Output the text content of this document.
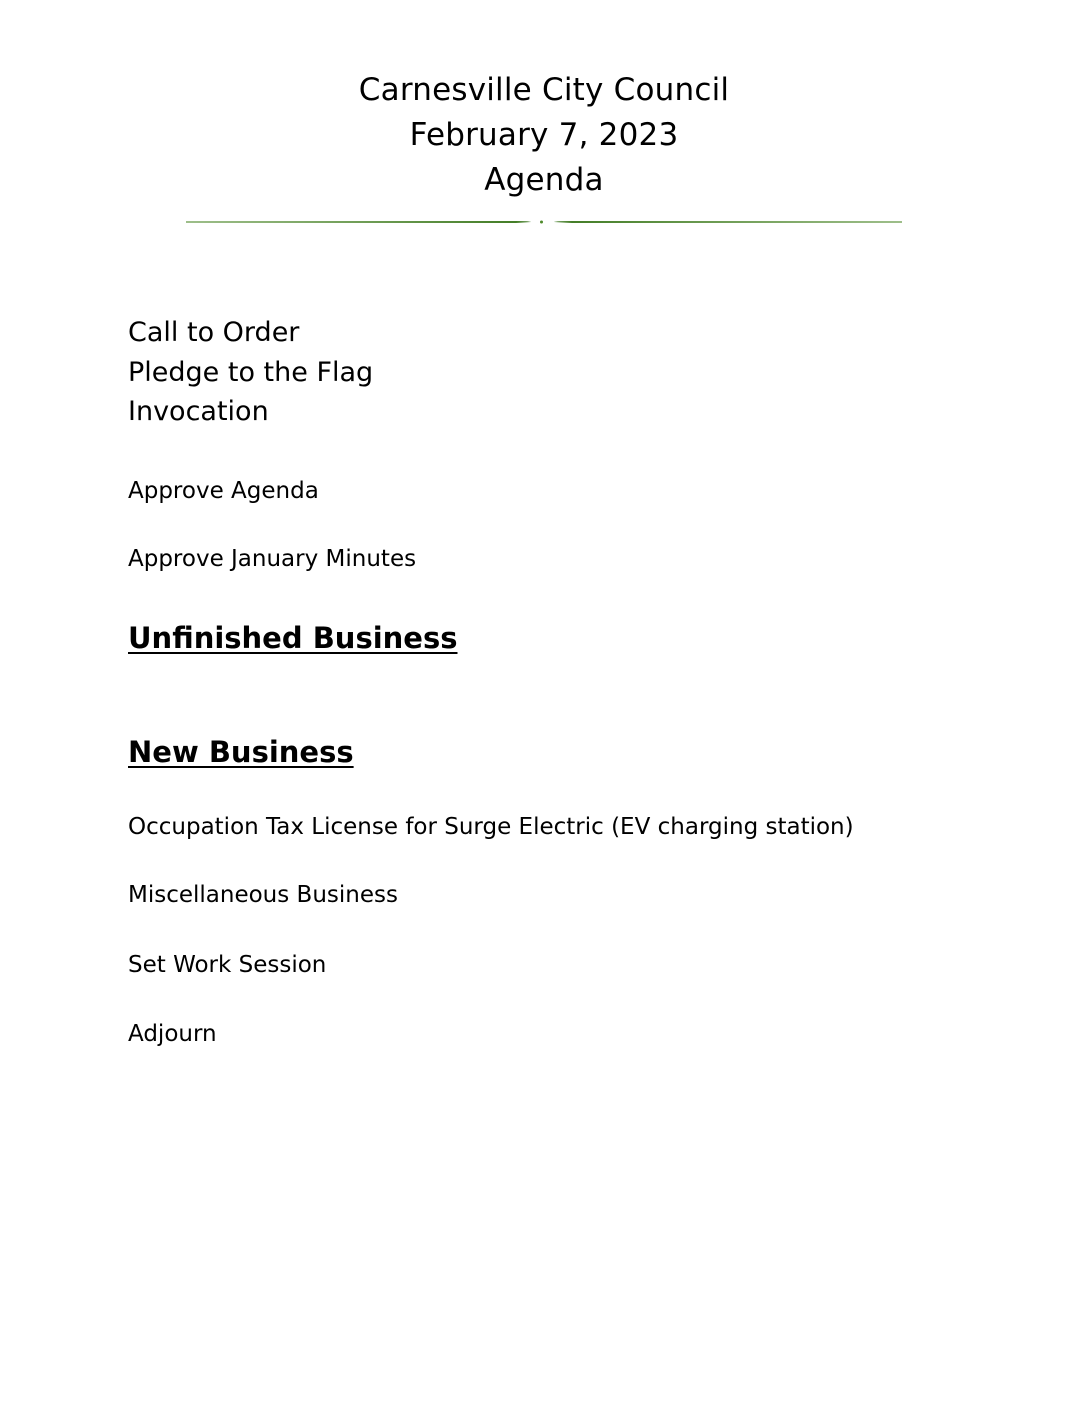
Carnesville City Council
February 7, 2023
Agenda
Call to Order
Pledge to the Flag
Invocation
Approve Agenda
Approve January Minutes
Unfinished Business
New Business
Occupation Tax License for Surge Electric (EV charging station)
Miscellaneous Business
Set Work Session
Adjourn
